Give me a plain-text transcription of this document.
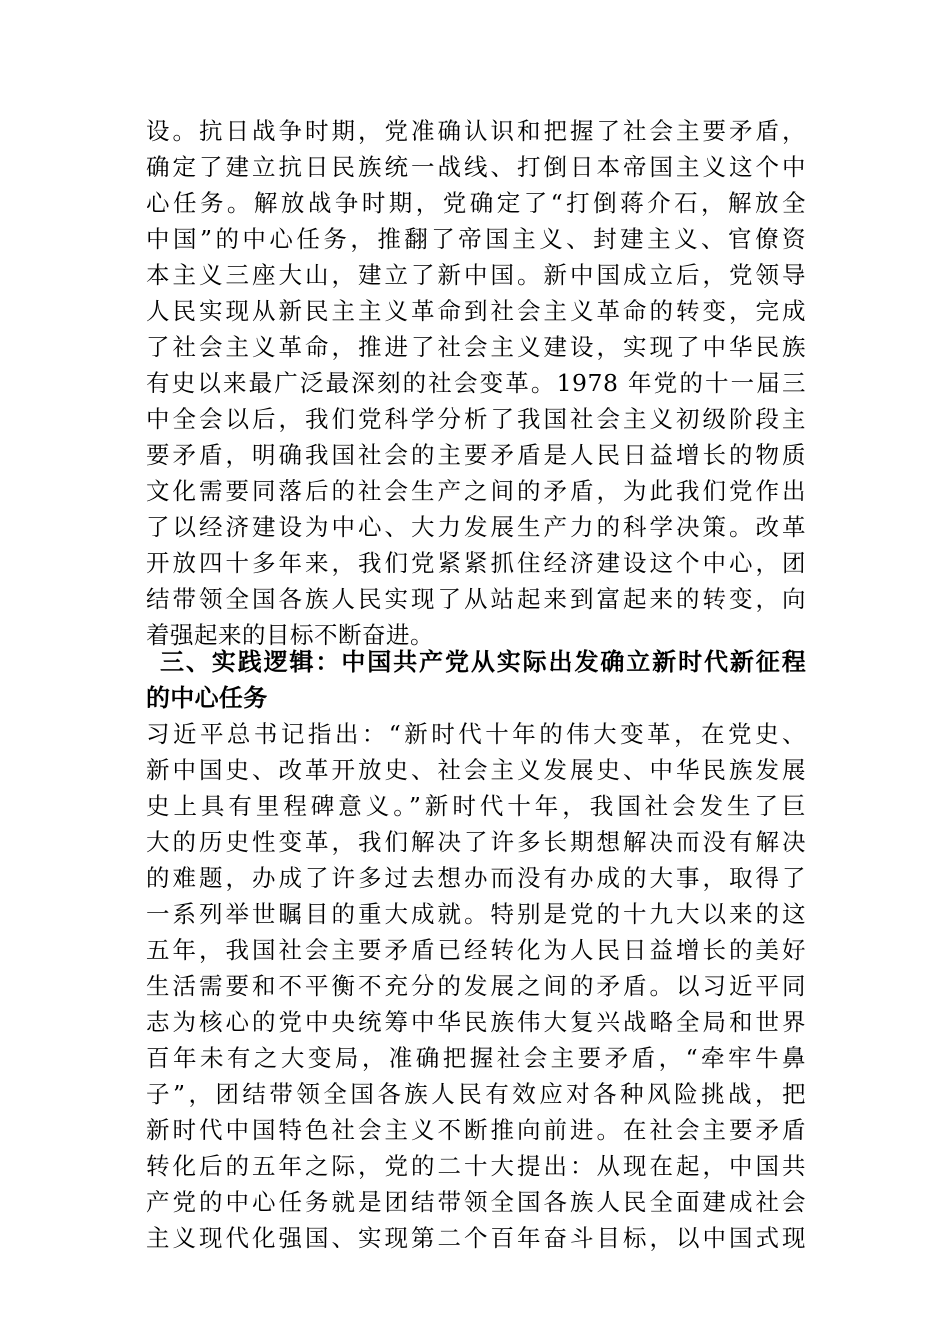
设。抗日战争时期，党准确认识和把握了社会主要矛盾，
确定了建立抗日民族统一战线、打倒日本帝国主义这个中
心任务。解放战争时期，党确定了“打倒蒋介石，解放全
中国”的中心任务，推翻了帝国主义、封建主义、官僚资
本主义三座大山，建立了新中国。新中国成立后，党领导
人民实现从新民主主义革命到社会主义革命的转变，完成
了社会主义革命，推进了社会主义建设，实现了中华民族
有史以来最广泛最深刻的社会变革。1978 年党的十一届三
中全会以后，我们党科学分析了我国社会主义初级阶段主
要矛盾，明确我国社会的主要矛盾是人民日益增长的物质
文化需要同落后的社会生产之间的矛盾，为此我们党作出
了以经济建设为中心、大力发展生产力的科学决策。改革
开放四十多年来，我们党紧紧抓住经济建设这个中心，团
结带领全国各族人民实现了从站起来到富起来的转变，向
着强起来的目标不断奋进。
三、实践逻辑：中国共产党从实际出发确立新时代新征程
的中心任务
习近平总书记指出：“新时代十年的伟大变革，在党史、
新中国史、改革开放史、社会主义发展史、中华民族发展
史上具有里程碑意义。”新时代十年，我国社会发生了巨
大的历史性变革，我们解决了许多长期想解决而没有解决
的难题，办成了许多过去想办而没有办成的大事，取得了
一系列举世瞩目的重大成就。特别是党的十九大以来的这
五年，我国社会主要矛盾已经转化为人民日益增长的美好
生活需要和不平衡不充分的发展之间的矛盾。以习近平同
志为核心的党中央统筹中华民族伟大复兴战略全局和世界
百年未有之大变局，准确把握社会主要矛盾，“牵牢牛鼻
子”，团结带领全国各族人民有效应对各种风险挑战，把
新时代中国特色社会主义不断推向前进。在社会主要矛盾
转化后的五年之际，党的二十大提出：从现在起，中国共
产党的中心任务就是团结带领全国各族人民全面建成社会
主义现代化强国、实现第二个百年奋斗目标，以中国式现
